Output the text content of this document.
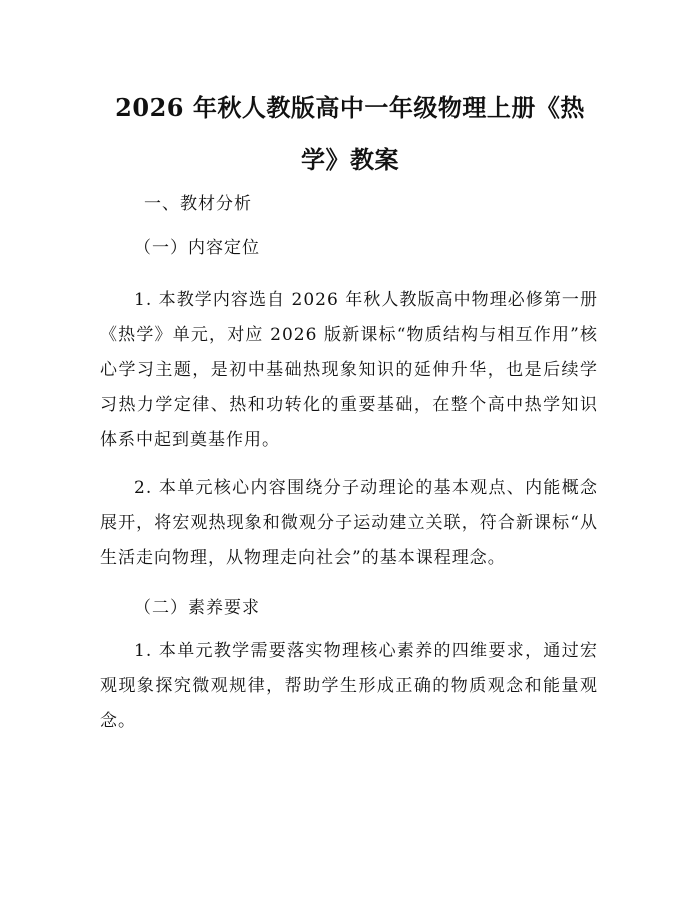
2026 年秋人教版高中一年级物理上册《热学》教案
一、教材分析
（一）内容定位
1. 本教学内容选自 2026 年秋人教版高中物理必修第一册《热学》单元，对应 2026 版新课标“物质结构与相互作用”核心学习主题，是初中基础热现象知识的延伸升华，也是后续学习热力学定律、热和功转化的重要基础，在整个高中热学知识体系中起到奠基作用。
2. 本单元核心内容围绕分子动理论的基本观点、内能概念展开，将宏观热现象和微观分子运动建立关联，符合新课标“从生活走向物理，从物理走向社会”的基本课程理念。
（二）素养要求
1. 本单元教学需要落实物理核心素养的四维要求，通过宏观现象探究微观规律，帮助学生形成正确的物质观念和能量观念。
